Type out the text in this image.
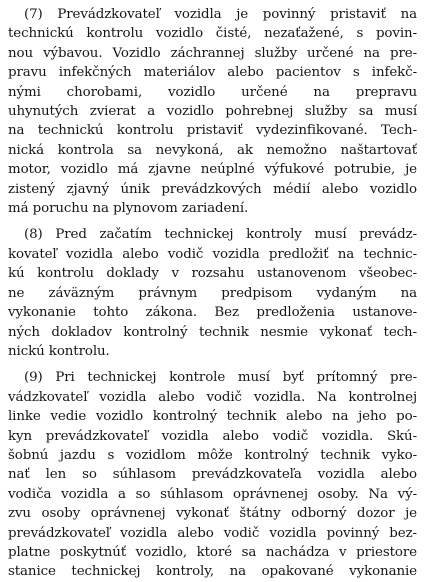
(7) Prevádzkovateľ vozidla je povinný pristaviť na
technickú kontrolu vozidlo čisté, nezaťažené, s povin-
nou výbavou. Vozidlo záchrannej služby určené na pre-
pravu infekčných materiálov alebo pacientov s infekč-
nými chorobami, vozidlo určené na prepravu
uhynutých zvierat a vozidlo pohrebnej služby sa musí
na technickú kontrolu pristaviť vydezinfikované. Tech-
nická kontrola sa nevykoná, ak nemožno naštartovať
motor, vozidlo má zjavne neúplné výfukové potrubie, je
zistený zjavný únik prevádzkových médií alebo vozidlo
má poruchu na plynovom zariadení.
(8) Pred začatím technickej kontroly musí prevádz-
kovateľ vozidla alebo vodič vozidla predložiť na technic-
kú kontrolu doklady v rozsahu ustanovenom všeobec-
ne záväzným právnym predpisom vydaným na
vykonanie tohto zákona. Bez predloženia ustanove-
ných dokladov kontrolný technik nesmie vykonať tech-
nickú kontrolu.
(9) Pri technickej kontrole musí byť prítomný pre-
vádzkovateľ vozidla alebo vodič vozidla. Na kontrolnej
linke vedie vozidlo kontrolný technik alebo na jeho po-
kyn prevádzkovateľ vozidla alebo vodič vozidla. Skú-
šobnú jazdu s vozidlom môže kontrolný technik vyko-
nať len so súhlasom prevádzkovateľa vozidla alebo
vodiča vozidla a so súhlasom oprávnenej osoby. Na vý-
zvu osoby oprávnenej vykonať štátny odborný dozor je
prevádzkovateľ vozidla alebo vodič vozidla povinný bez-
platne poskytnúť vozidlo, ktoré sa nachádza v priestore
stanice technickej kontroly, na opakované vykonanie
